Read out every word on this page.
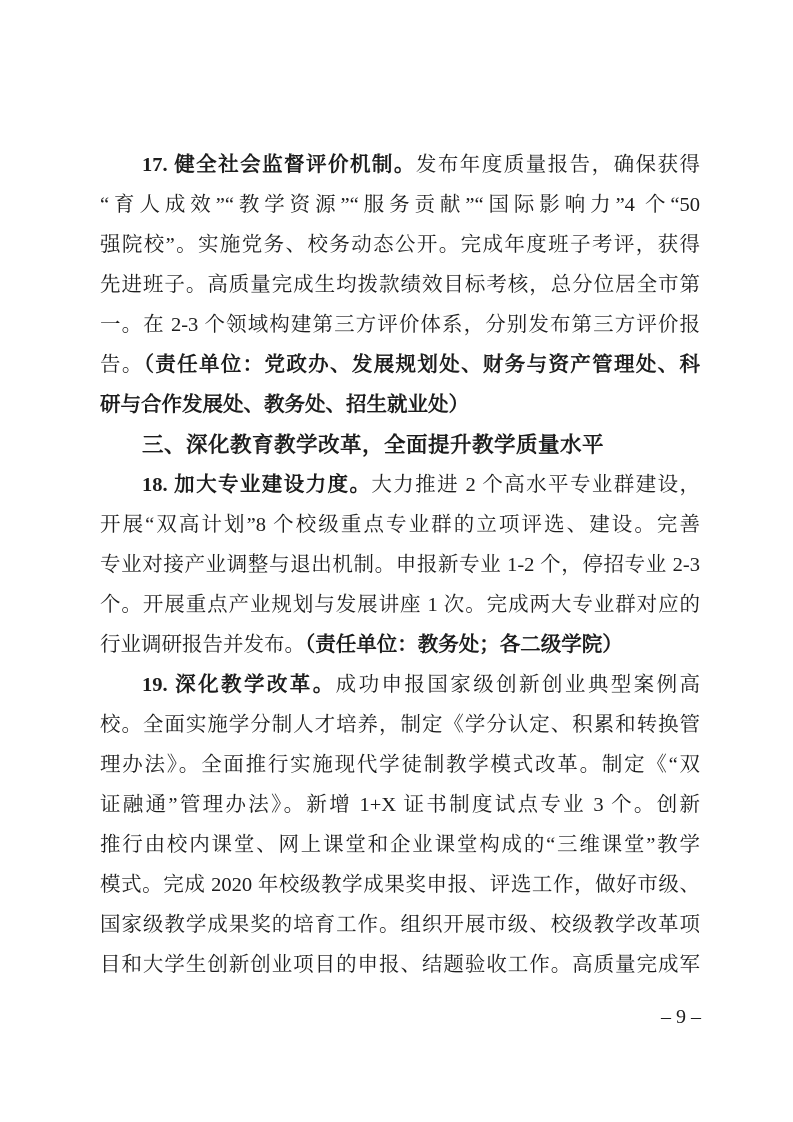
17. 健全社会监督评价机制。发布年度质量报告，确保获得
“育人成效”“教学资源”“服务贡献”“国际影响力”4 个“50
强院校”。实施党务、校务动态公开。完成年度班子考评，获得
先进班子。高质量完成生均拨款绩效目标考核，总分位居全市第
一。在 2-3 个领域构建第三方评价体系，分别发布第三方评价报
告。（责任单位：党政办、发展规划处、财务与资产管理处、科
研与合作发展处、教务处、招生就业处）
三、深化教育教学改革，全面提升教学质量水平
18. 加大专业建设力度。大力推进 2 个高水平专业群建设，
开展“双高计划”8 个校级重点专业群的立项评选、建设。完善
专业对接产业调整与退出机制。申报新专业 1-2 个，停招专业 2-3
个。开展重点产业规划与发展讲座 1 次。完成两大专业群对应的
行业调研报告并发布。（责任单位：教务处；各二级学院）
19. 深化教学改革。成功申报国家级创新创业典型案例高
校。全面实施学分制人才培养，制定《学分认定、积累和转换管
理办法》。全面推行实施现代学徒制教学模式改革。制定《“双
证融通”管理办法》。新增 1+X 证书制度试点专业 3 个。创新
推行由校内课堂、网上课堂和企业课堂构成的“三维课堂”教学
模式。完成 2020 年校级教学成果奖申报、评选工作，做好市级、
国家级教学成果奖的培育工作。组织开展市级、校级教学改革项
目和大学生创新创业项目的申报、结题验收工作。高质量完成军
– 9 –
